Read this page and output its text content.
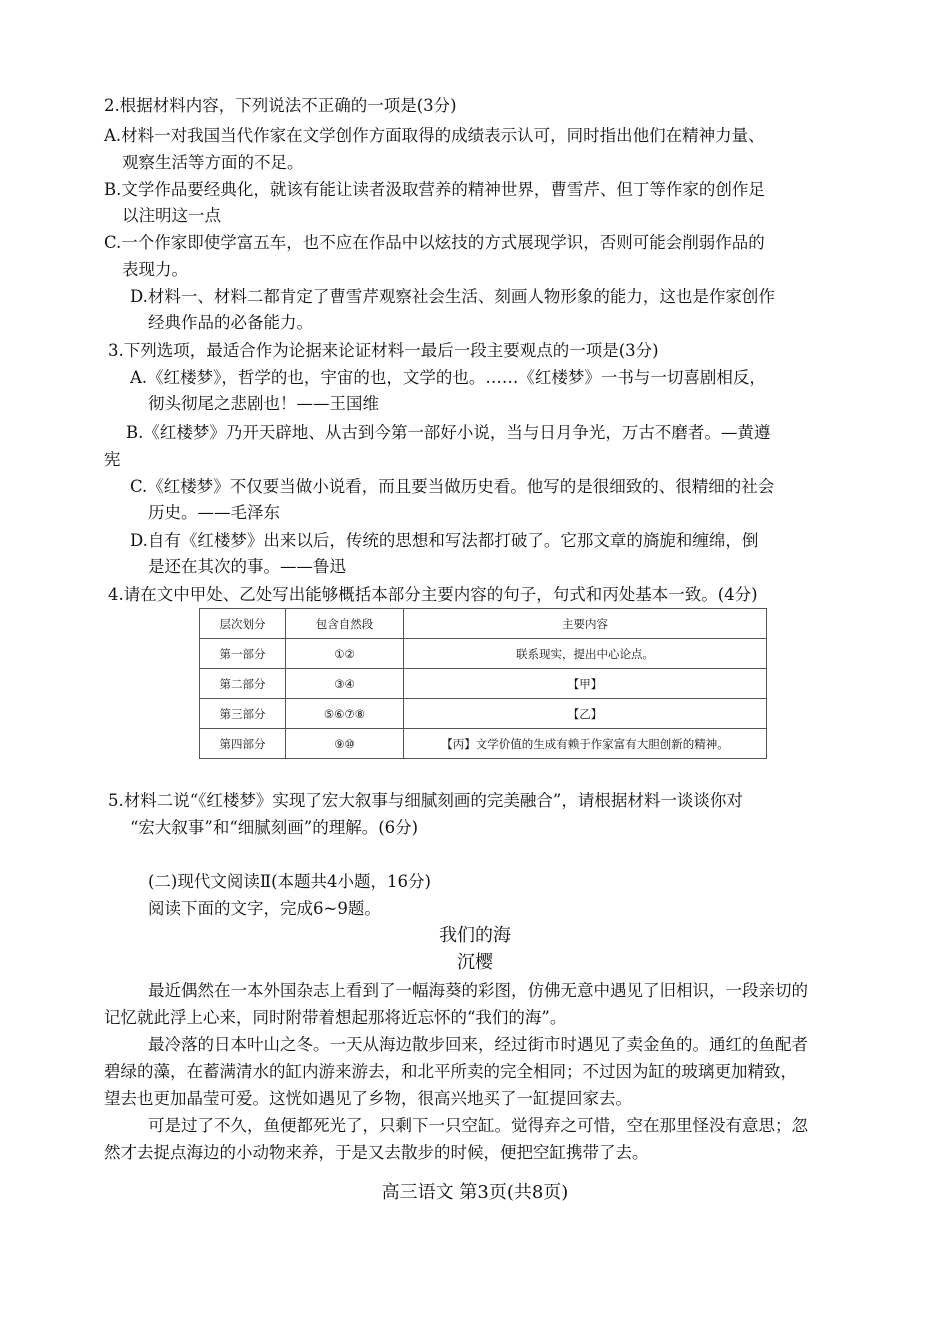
2.根据材料内容，下列说法不正确的一项是(3分)
A.材料一对我国当代作家在文学创作方面取得的成绩表示认可，同时指出他们在精神力量、
观察生活等方面的不足。
B.文学作品要经典化，就该有能让读者汲取营养的精神世界，曹雪芹、但丁等作家的创作足
以注明这一点
C.一个作家即使学富五车，也不应在作品中以炫技的方式展现学识，否则可能会削弱作品的
表现力。
D.材料一、材料二都肯定了曹雪芹观察社会生活、刻画人物形象的能力，这也是作家创作
经典作品的必备能力。
3.下列选项，最适合作为论据来论证材料一最后一段主要观点的一项是(3分)
A.《红楼梦》，哲学的也，宇宙的也，文学的也。……《红楼梦》一书与一切喜剧相反，
彻头彻尾之悲剧也！——王国维
B.《红楼梦》乃开天辟地、从古到今第一部好小说，当与日月争光，万古不磨者。—黄遵
宪
C.《红楼梦》不仅要当做小说看，而且要当做历史看。他写的是很细致的、很精细的社会
历史。——毛泽东
D.自有《红楼梦》出来以后，传统的思想和写法都打破了。它那文章的旖旎和缠绵，倒
是还在其次的事。——鲁迅
4.请在文中甲处、乙处写出能够概括本部分主要内容的句子，句式和丙处基本一致。(4分)
层次划分	包含自然段	主要内容
第一部分	①②	联系现实，提出中心论点。
第二部分	③④	【甲】
第三部分	⑤⑥⑦⑧	【乙】
第四部分	⑨⑩	【丙】文学价值的生成有赖于作家富有大胆创新的精神。
5.材料二说“《红楼梦》实现了宏大叙事与细腻刻画的完美融合”，请根据材料一谈谈你对
“宏大叙事”和“细腻刻画”的理解。(6分)
(二)现代文阅读Ⅱ(本题共4小题，16分)
阅读下面的文字，完成6~9题。
我们的海
沉樱
最近偶然在一本外国杂志上看到了一幅海葵的彩图，仿佛无意中遇见了旧相识，一段亲切的
记忆就此浮上心来，同时附带着想起那将近忘怀的“我们的海”。
最冷落的日本叶山之冬。一天从海边散步回来，经过街市时遇见了卖金鱼的。通红的鱼配者
碧绿的藻，在蓄满清水的缸内游来游去，和北平所卖的完全相同；不过因为缸的玻璃更加精致，
望去也更加晶莹可爱。这恍如遇见了乡物，很高兴地买了一缸提回家去。
可是过了不久，鱼便都死光了，只剩下一只空缸。觉得弃之可惜，空在那里怪没有意思；忽
然才去捉点海边的小动物来养，于是又去散步的时候，便把空缸携带了去。
高三语文 第3页(共8页)
